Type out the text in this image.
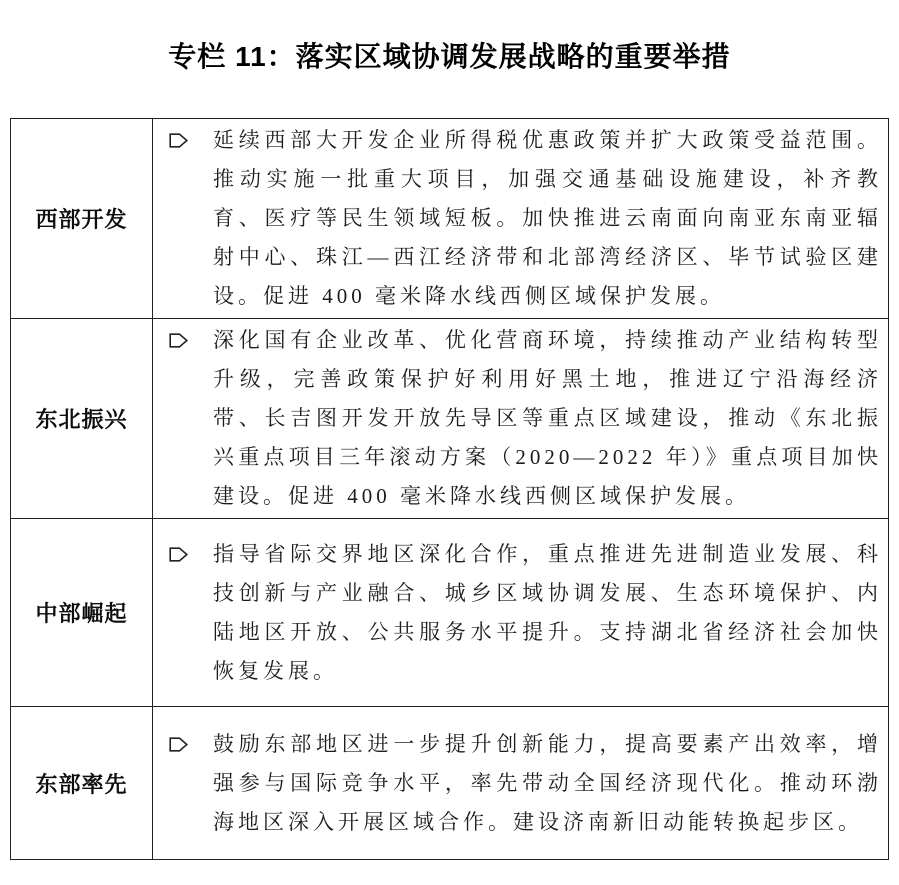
专栏 11：落实区域协调发展战略的重要举措
西部开发	延续西部大开发企业所得税优惠政策并扩大政策受益范围。推动实施一批重大项目，加强交通基础设施建设，补齐教育、医疗等民生领域短板。加快推进云南面向南亚东南亚辐射中心、珠江—西江经济带和北部湾经济区、毕节试验区建设。促进 400 毫米降水线西侧区域保护发展。

东北振兴	深化国有企业改革、优化营商环境，持续推动产业结构转型升级，完善政策保护好利用好黑土地，推进辽宁沿海经济带、长吉图开发开放先导区等重点区域建设，推动《东北振兴重点项目三年滚动方案（2020—2022 年）》重点项目加快建设。促进 400 毫米降水线西侧区域保护发展。

中部崛起	指导省际交界地区深化合作，重点推进先进制造业发展、科技创新与产业融合、城乡区域协调发展、生态环境保护、内陆地区开放、公共服务水平提升。支持湖北省经济社会加快恢复发展。

东部率先	鼓励东部地区进一步提升创新能力，提高要素产出效率，增强参与国际竞争水平，率先带动全国经济现代化。推动环渤海地区深入开展区域合作。建设济南新旧动能转换起步区。
